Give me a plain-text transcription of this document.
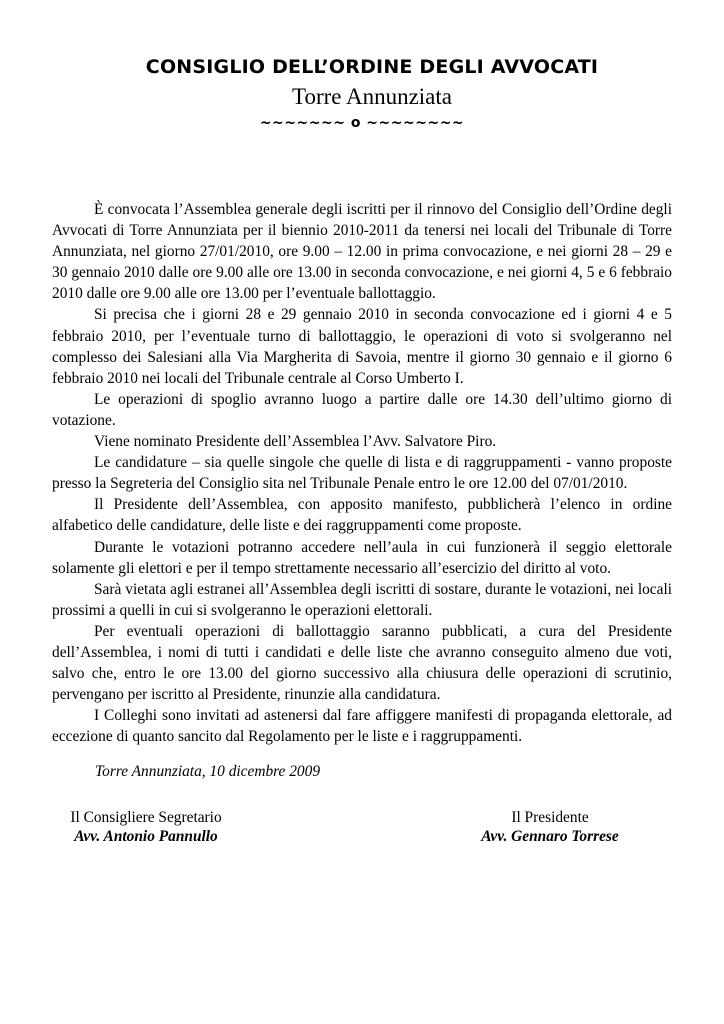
CONSIGLIO DELL’ORDINE DEGLI AVVOCATI
Torre Annunziata
~~~~~~~ o ~~~~~~~~

È convocata l’Assemblea generale degli iscritti per il rinnovo del Consiglio dell’Ordine degli Avvocati di Torre Annunziata per il biennio 2010-2011 da tenersi nei locali del Tribunale di Torre Annunziata, nel giorno 27/01/2010, ore 9.00 – 12.00 in prima convocazione, e nei giorni 28 – 29 e 30 gennaio 2010 dalle ore 9.00 alle ore 13.00 in seconda convocazione, e nei giorni 4, 5 e 6 febbraio 2010 dalle ore 9.00 alle ore 13.00 per l’eventuale ballottaggio.

Si precisa che i giorni 28 e 29 gennaio 2010 in seconda convocazione ed i giorni 4 e 5 febbraio 2010, per l’eventuale turno di ballottaggio, le operazioni di voto si svolgeranno nel complesso dei Salesiani alla Via Margherita di Savoia, mentre il giorno 30 gennaio e il giorno 6 febbraio 2010 nei locali del Tribunale centrale al Corso Umberto I.

Le operazioni di spoglio avranno luogo a partire dalle ore 14.30 dell’ultimo giorno di votazione.

Viene nominato Presidente dell’Assemblea l’Avv. Salvatore Piro.

Le candidature – sia quelle singole che quelle di lista e di raggruppamenti - vanno proposte presso la Segreteria del Consiglio sita nel Tribunale Penale entro le ore 12.00 del 07/01/2010.

Il Presidente dell’Assemblea, con apposito manifesto, pubblicherà l’elenco in ordine alfabetico delle candidature, delle liste e dei raggruppamenti come proposte.

Durante le votazioni potranno accedere nell’aula in cui funzionerà il seggio elettorale solamente gli elettori e per il tempo strettamente necessario all’esercizio del diritto al voto.

Sarà vietata agli estranei all’Assemblea degli iscritti di sostare, durante le votazioni, nei locali prossimi a quelli in cui si svolgeranno le operazioni elettorali.

Per eventuali operazioni di ballottaggio saranno pubblicati, a cura del Presidente dell’Assemblea, i nomi di tutti i candidati e delle liste che avranno conseguito almeno due voti, salvo che, entro le ore 13.00 del giorno successivo alla chiusura delle operazioni di scrutinio, pervengano per iscritto al Presidente, rinunzie alla candidatura.

I Colleghi sono invitati ad astenersi dal fare affiggere manifesti di propaganda elettorale, ad eccezione di quanto sancito dal Regolamento per le liste e i raggruppamenti.

Torre Annunziata, 10 dicembre 2009
Il Consigliere Segretario
Avv. Antonio Pannullo
Il Presidente
Avv. Gennaro Torrese
